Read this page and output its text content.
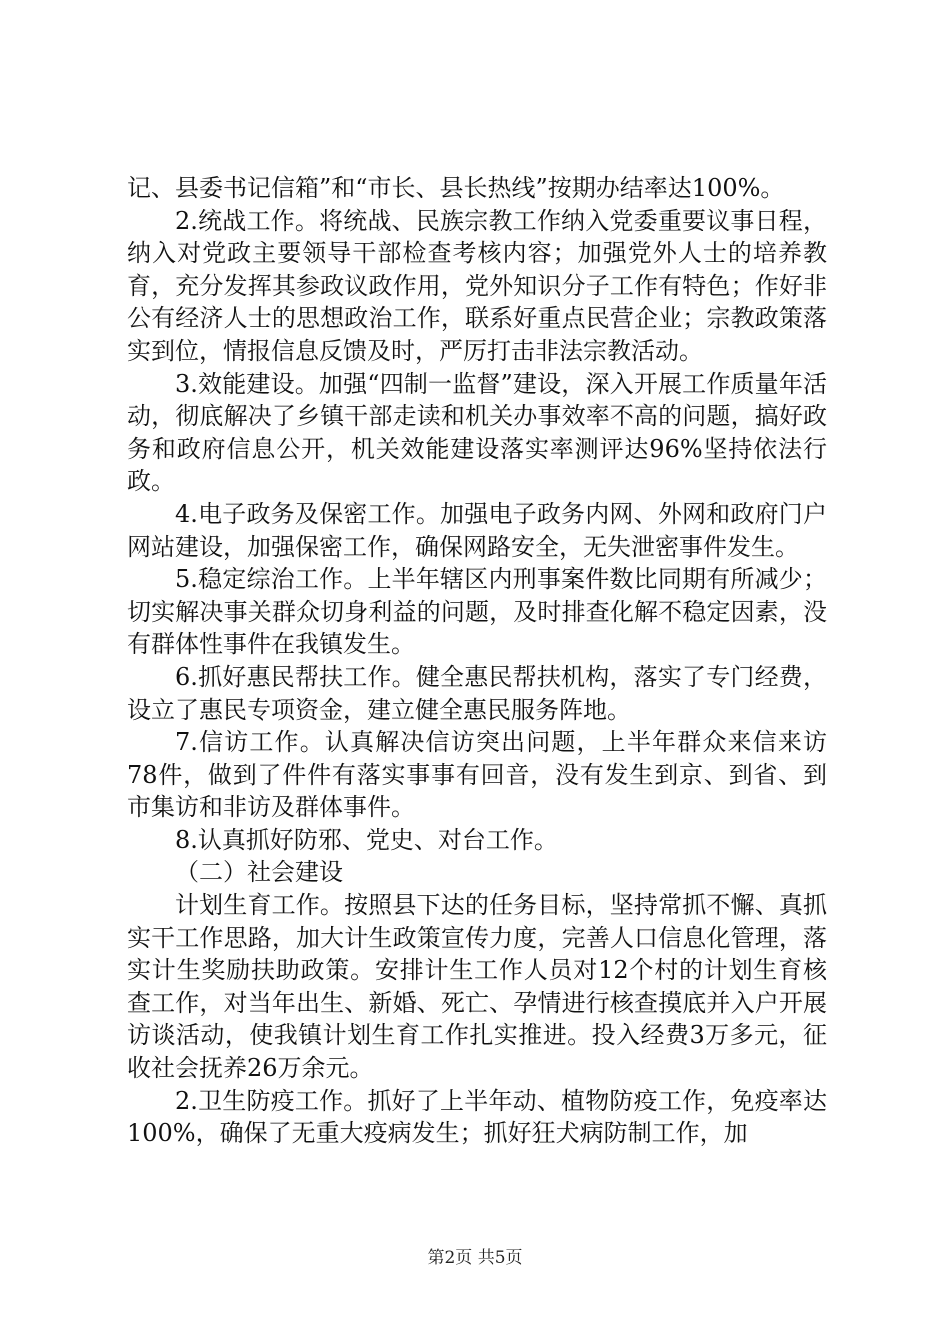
记、县委书记信箱”和“市长、县长热线”按期办结率达100%。

2.统战工作。将统战、民族宗教工作纳入党委重要议事日程，纳入对党政主要领导干部检查考核内容；加强党外人士的培养教育，充分发挥其参政议政作用，党外知识分子工作有特色；作好非公有经济人士的思想政治工作，联系好重点民营企业；宗教政策落实到位，情报信息反馈及时，严厉打击非法宗教活动。

3.效能建设。加强“四制一监督”建设，深入开展工作质量年活动，彻底解决了乡镇干部走读和机关办事效率不高的问题，搞好政务和政府信息公开，机关效能建设落实率测评达96%坚持依法行政。

4.电子政务及保密工作。加强电子政务内网、外网和政府门户网站建设，加强保密工作，确保网路安全，无失泄密事件发生。

5.稳定综治工作。上半年辖区内刑事案件数比同期有所减少；切实解决事关群众切身利益的问题，及时排查化解不稳定因素，没有群体性事件在我镇发生。

6.抓好惠民帮扶工作。健全惠民帮扶机构，落实了专门经费，设立了惠民专项资金，建立健全惠民服务阵地。

7.信访工作。认真解决信访突出问题，上半年群众来信来访78件，做到了件件有落实事事有回音，没有发生到京、到省、到市集访和非访及群体事件。

8.认真抓好防邪、党史、对台工作。

（二）社会建设

计划生育工作。按照县下达的任务目标，坚持常抓不懈、真抓实干工作思路，加大计生政策宣传力度，完善人口信息化管理，落实计生奖励扶助政策。安排计生工作人员对12个村的计划生育核查工作，对当年出生、新婚、死亡、孕情进行核查摸底并入户开展访谈活动，使我镇计划生育工作扎实推进。投入经费3万多元，征收社会抚养26万余元。

2.卫生防疫工作。抓好了上半年动、植物防疫工作，免疫率达100%，确保了无重大疫病发生；抓好狂犬病防制工作，加

第2页 共5页
